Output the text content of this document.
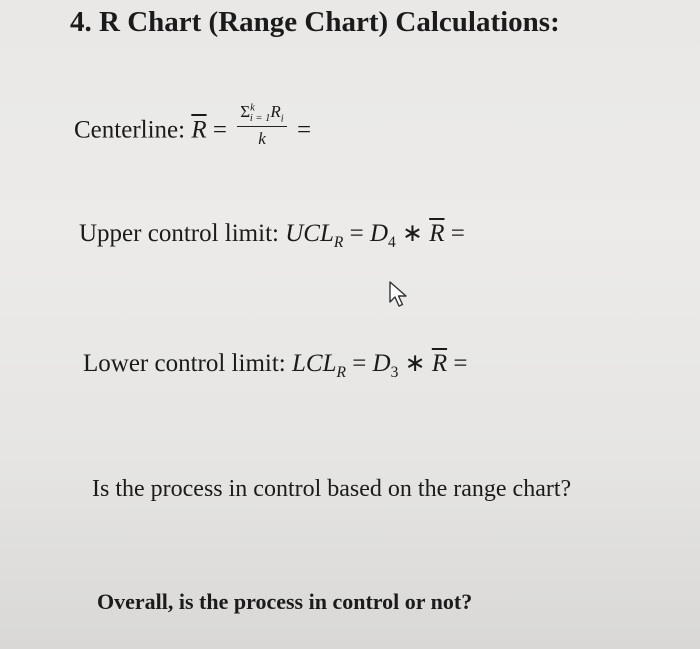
4. R Chart (Range Chart) Calculations:
Centerline: $\overline{R} = \frac{\Sigma^k_{i = 1}R_i}{k}$ =
Upper control limit: $UCL_R = D_4$ ∗ $\overline{R}$ =
Lower control limit: $LCL_R = D_3$ ∗ $\overline{R}$ =
Is the process in control based on the range chart?
Overall, is the process in control or not?
